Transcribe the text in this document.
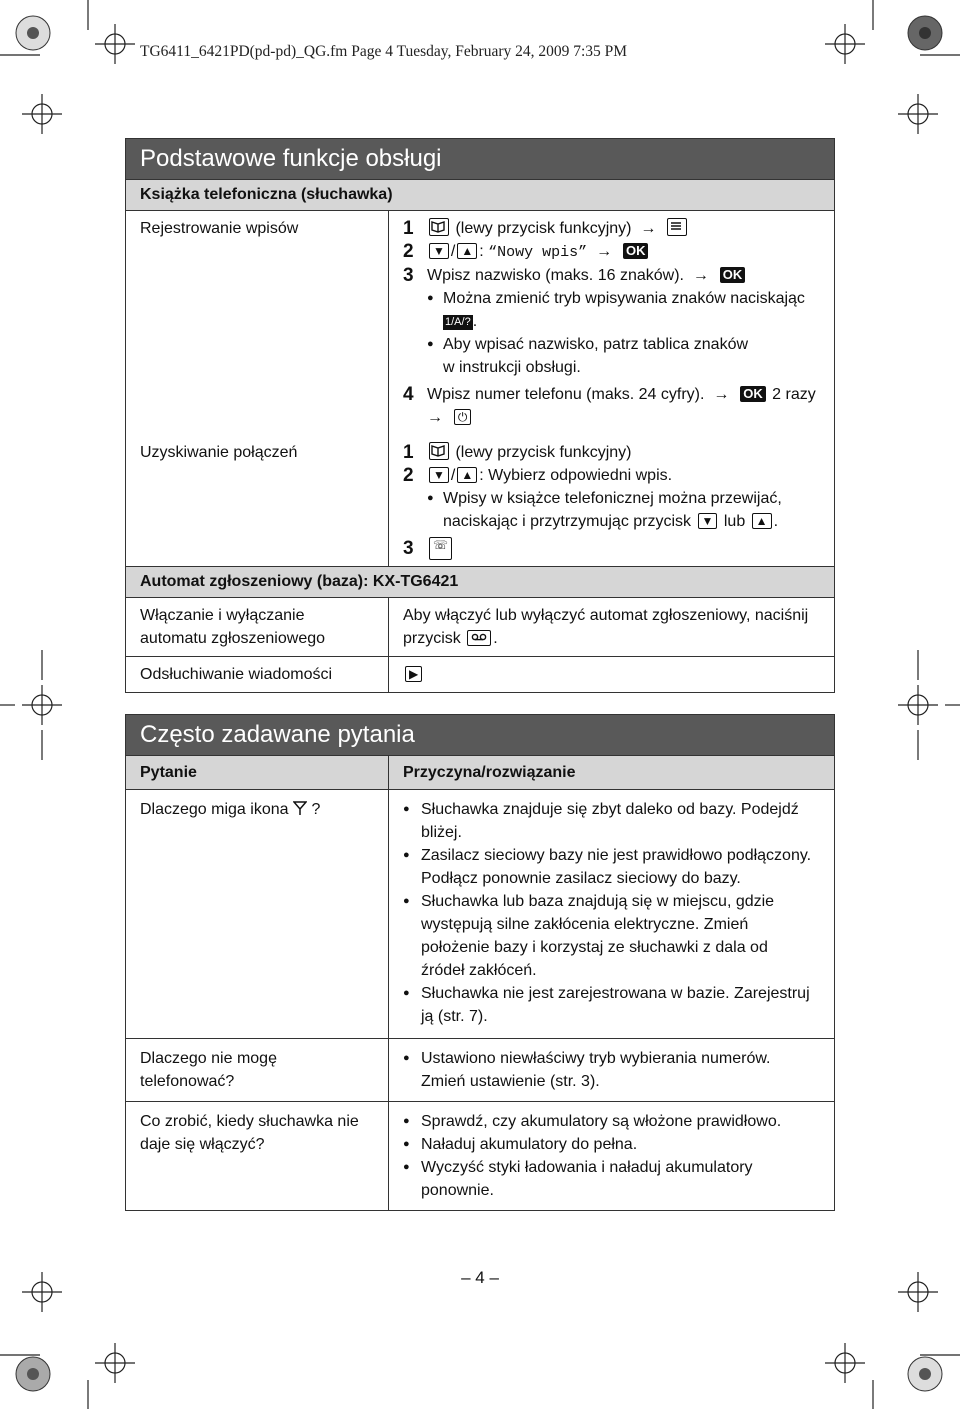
TG6411_6421PD(pd-pd)_QG.fm Page 4 Tuesday, February 24, 2009 7:35 PM
Podstawowe funkcje obsługi
Książka telefoniczna (słuchawka)
Rejestrowanie wpisów	1	(lewy przycisk funkcyjny)  →
2	▼ / ▲ : “Nowy wpis”  →  OK
3 Wpisz nazwisko (maks. 16 znaków).  →  OK
● Można zmienić tryb wpisywania znaków naciskając
1/A/? .
● Aby wpisać nazwisko, patrz tablica znaków
w instrukcji obsługi.
4 Wpisz numer telefonu (maks. 24 cyfry).  →  OK 2 razy
→  ⏻
Uzyskiwanie połączeń	1	(lewy przycisk funkcyjny)
2	▼ / ▲ : Wybierz odpowiedni wpis.
● Wpisy w książce telefonicznej można przewijać,
naciskając i przytrzymując przycisk ▼ lub ▲ .
3	☏
Automat zgłoszeniowy (baza): KX-TG6421
Włączanie i wyłączanie
automatu zgłoszeniowego
Aby włączyć lub wyłączyć automat zgłoszeniowy, naciśnij
przycisk .
Odsłuchiwanie wiadomości	▶
Często zadawane pytania
Pytanie	Przyczyna/rozwiązanie
Dlaczego miga ikona ?
●	Słuchawka znajduje się zbyt daleko od bazy. Podejdź
bliżej.
● Zasilacz sieciowy bazy nie jest prawidłowo podłączony.
Podłącz ponownie zasilacz sieciowy do bazy.
● Słuchawka lub baza znajdują się w miejscu, gdzie
występują silne zakłócenia elektryczne. Zmień
położenie bazy i korzystaj ze słuchawki z dala od
źródeł zakłóceń.
● Słuchawka nie jest zarejestrowana w bazie. Zarejestruj
ją (str. 7).
Dlaczego nie mogę
telefonować?
● Ustawiono niewłaściwy tryb wybierania numerów.
Zmień ustawienie (str. 3).
Co zrobić, kiedy słuchawka nie
daje się włączyć?
● Sprawdź, czy akumulatory są włożone prawidłowo.
● Naładuj akumulatory do pełna.
● Wyczyść styki ładowania i naładuj akumulatory
ponownie.
– 4 –
